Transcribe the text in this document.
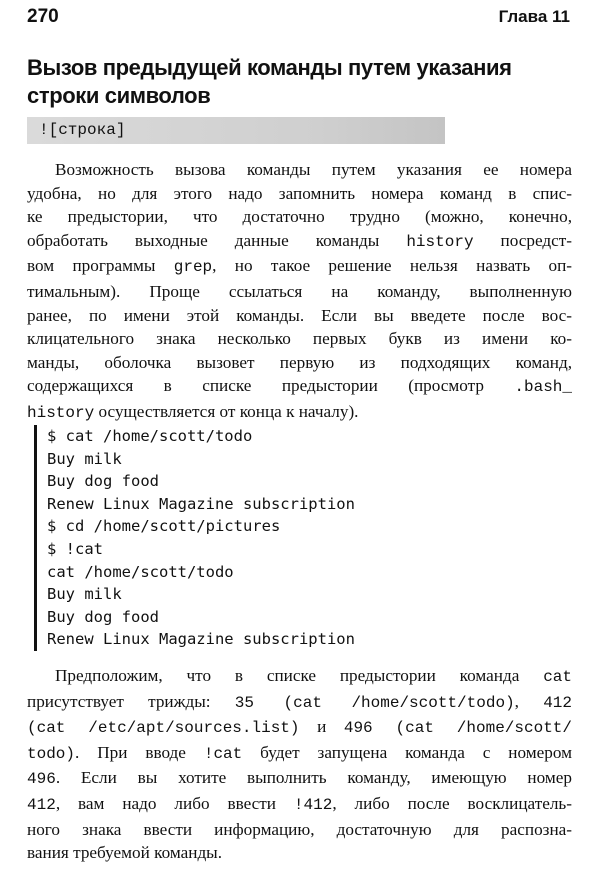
270	Глава 11
Вызов предыдущей команды путем указания
строки символов
![строка]
Возможность вызова команды путем указания ее номера
удобна, но для этого надо запомнить номера команд в спис-
ке предыстории, что достаточно трудно (можно, конечно,
обработать выходные данные команды history посредст-
вом программы grep, но такое решение нельзя назвать оп-
тимальным). Проще ссылаться на команду, выполненную
ранее, по имени этой команды. Если вы введете после вос-
клицательного знака несколько первых букв из имени ко-
манды, оболочка вызовет первую из подходящих команд,
содержащихся в списке предыстории (просмотр .bash_
history осуществляется от конца к началу).
$ cat /home/scott/todo
Buy milk
Buy dog food
Renew Linux Magazine subscription
$ cd /home/scott/pictures
$ !cat
cat /home/scott/todo
Buy milk
Buy dog food
Renew Linux Magazine subscription
Предположим, что в списке предыстории команда cat
присутствует трижды: 35 (cat /home/scott/todo), 412
(cat /etc/apt/sources.list) и 496 (cat /home/scott/
todo). При вводе !cat будет запущена команда с номером
496. Если вы хотите выполнить команду, имеющую номер
412, вам надо либо ввести !412, либо после восклицатель-
ного знака ввести информацию, достаточную для распозна-
вания требуемой команды.
